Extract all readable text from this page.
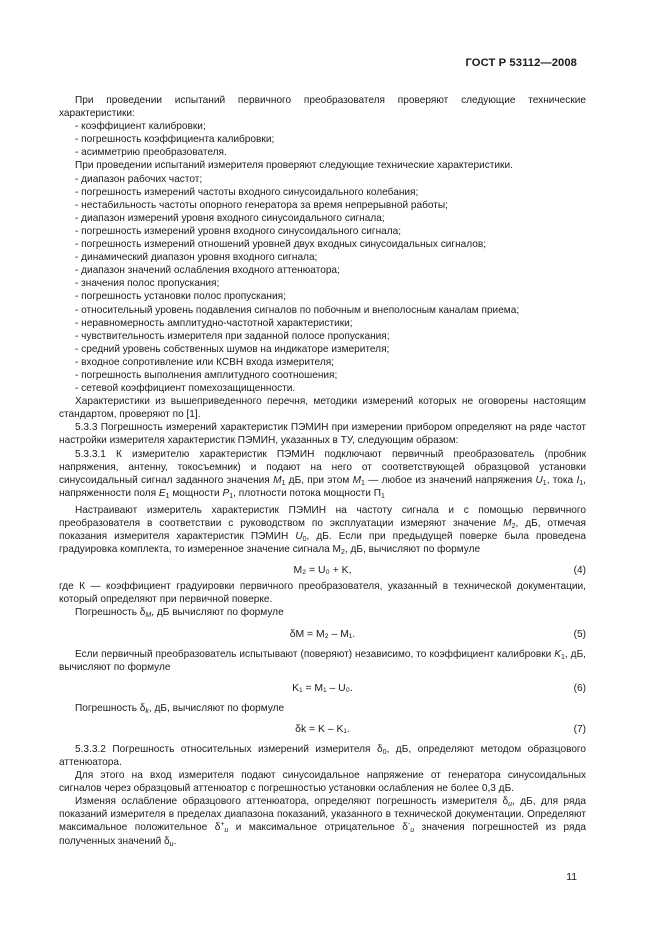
ГОСТ Р 53112—2008

При проведении испытаний первичного преобразователя проверяют следующие технические характеристики:

- коэффициент калибровки;
- погрешность коэффициента калибровки;
- асимметрию преобразователя.

При проведении испытаний измерителя проверяют следующие технические характеристики.

- диапазон рабочих частот;
- погрешность измерений частоты входного синусоидального колебания;
- нестабильность частоты опорного генератора за время непрерывной работы;
- диапазон измерений уровня входного синусоидального сигнала;
- погрешность измерений уровня входного синусоидального сигнала;
- погрешность измерений отношений уровней двух входных синусоидальных сигналов;
- динамический диапазон уровня входного сигнала;
- диапазон значений ослабления входного аттенюатора;
- значения полос пропускания;
- погрешность установки полос пропускания;
- относительный уровень подавления сигналов по побочным и внеполосным каналам приема;
- неравномерность амплитудно-частотной характеристики;
- чувствительность измерителя при заданной полосе пропускания;
- средний уровень собственных шумов на индикаторе измерителя;
- входное сопротивление или КСВН входа измерителя;
- погрешность выполнения амплитудного соотношения;
- сетевой коэффициент помехозащищенности.

Характеристики из вышеприведенного перечня, методики измерений которых не оговорены настоящим стандартом, проверяют по [1].

5.3.3 Погрешность измерений характеристик ПЭМИН при измерении прибором определяют на ряде частот настройки измерителя характеристик ПЭМИН, указанных в ТУ, следующим образом:

5.3.3.1 К измерителю характеристик ПЭМИН подключают первичный преобразователь (пробник напряжения, антенну, токосъемник) и подают на него от соответствующей образцовой установки синусоидальный сигнал заданного значения $M_1$ дБ, при этом $M_1$ — любое из значений напряжения $U_1$, тока $I_1$, напряженности поля $E_1$ мощности $P_1$, плотности потока мощности $П_1$

Настраивают измеритель характеристик ПЭМИН на частоту сигнала и с помощью первичного преобразователя в соответствии с руководством по эксплуатации измеряют значение $M_2$, дБ, отмечая показания измерителя характеристик ПЭМИН $U_0$, дБ. Если при предыдущей поверке была проведена градуировка комплекта, то измеренное значение сигнала $М_2$, дБ, вычисляют по формуле

M₂ = U₀ + K,	(4)

где К — коэффициент градуировки первичного преобразователя, указанный в технической документации, который определяют при первичной поверке.

Погрешность $\delta_M$, дБ вычисляют по формуле

δM = M₂ – M₁.	(5)

Если первичный преобразователь испытывают (поверяют) независимо, то коэффициент калибровки $K_1$, дБ, вычисляют по формуле

K₁ = M₁ – U₀.	(6)

Погрешность $\delta_k$, дБ, вычисляют по формуле

δk = K – K₁.	(7)

5.3.3.2 Погрешность относительных измерений измерителя $\delta_0$, дБ, определяют методом образцового аттенюатора.

Для этого на вход измерителя подают синусоидальное напряжение от генератора синусоидальных сигналов через образцовый аттенюатор с погрешностью установки ослабления не более 0,3 дБ.

Изменяя ослабление образцового аттенюатора, определяют погрешность измерителя $\delta_и$, дБ, для ряда показаний измерителя в пределах диапазона показаний, указанного в технической документации. Определяют максимальное положительное $\delta^+_и$ и максимальное отрицательное $\delta^-_и$ значения погрешностей из ряда полученных значений $\delta_и$.

11
